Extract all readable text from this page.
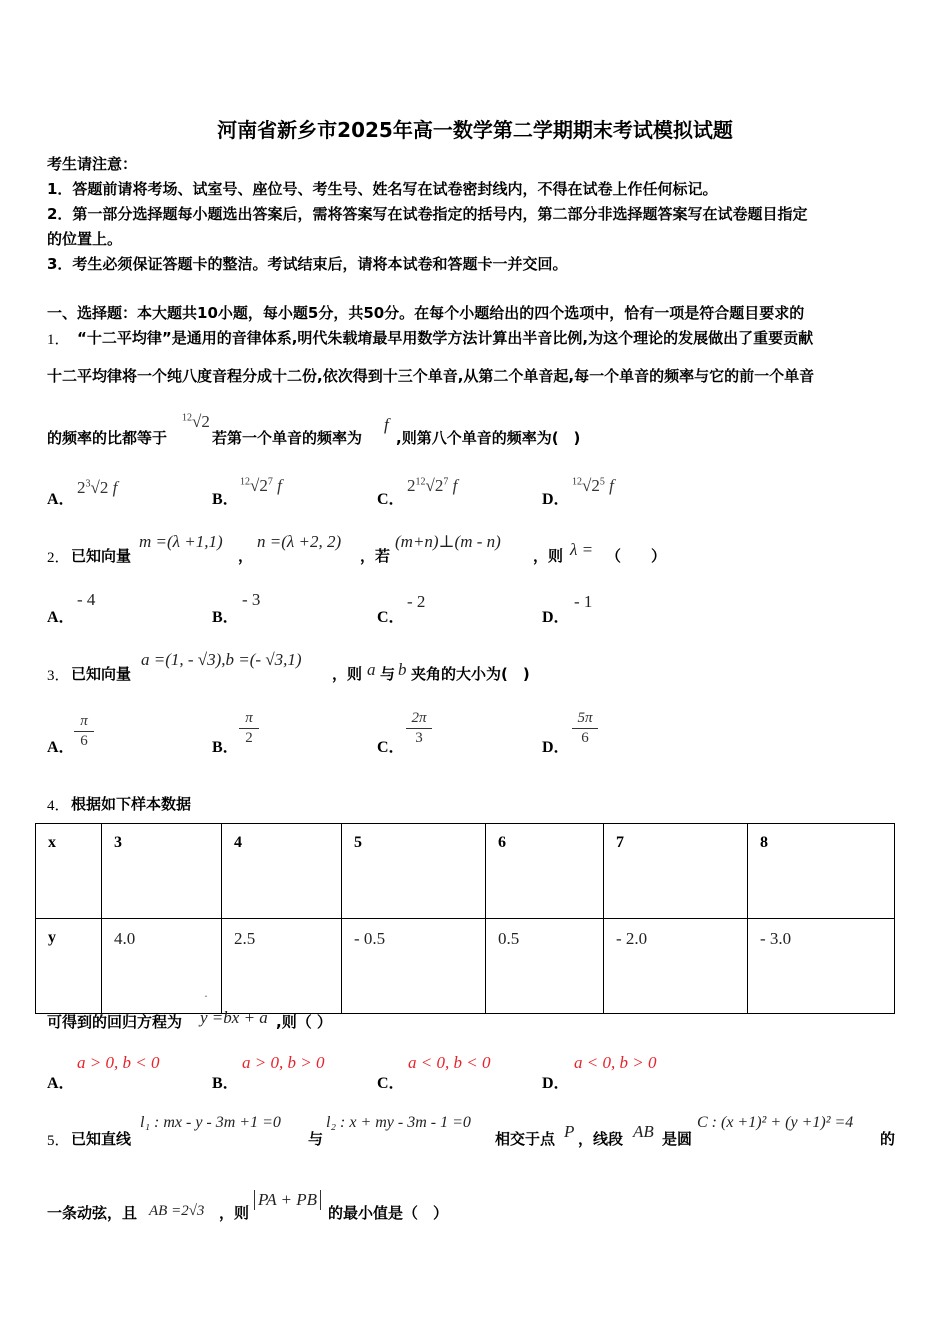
河南省新乡市2025年高一数学第二学期期末考试模拟试题
考生请注意：
1．答题前请将考场、试室号、座位号、考生号、姓名写在试卷密封线内，不得在试卷上作任何标记。
2．第一部分选择题每小题选出答案后，需将答案写在试卷指定的括号内，第二部分非选择题答案写在试卷题目指定
的位置上。
3．考生必须保证答题卡的整洁。考试结束后，请将本试卷和答题卡一并交回。
一、选择题：本大题共10小题，每小题5分，共50分。在每个小题给出的四个选项中，恰有一项是符合题目要求的
1． “十二平均律”是通用的音律体系,明代朱载堉最早用数学方法计算出半音比例,为这个理论的发展做出了重要贡献
十二平均律将一个纯八度音程分成十二份,依次得到十三个单音,从第二个单音起,每一个单音的频率与它的前一个单音
的频率的比都等于
$^{12}$√2
若第一个单音的频率为
f
,则第八个单音的频率为(　)
A．
$2^3√2$ f
B．
$^{12}√2^7$ f
C．
$2^{12}√2^7$ f
D．
$^{12}√2^5$ f
2． 已知向量
m =(λ +1,1)
，
n =(λ +2, 2)
，若
(m+n)⊥(m - n)
，则 λ = （　　）
A．
- 4
B．
- 3
C．
- 2
D．
- 1
3． 已知向量
a =(1, - √3),b =(- √3,1)
，则 a 与 b 夹角的大小为(　)
A．
π
6	B．
π
2
C．
2π
3
D．
5π
6
4． 根据如下样本数据
x	3	4	5	6	7	8
y	4.0	2.5	- 0.5	0.5	- 2.0	- 3.0
可得到的回归方程为
ˆ
y =bx + a ,则（ ）
A．
a > 0, b < 0
B．
a > 0, b > 0
C．
a < 0, b < 0
D．
a < 0, b > 0
5． 已知直线
l₁ : mx - y - 3m +1 =0
与
l₂ : x + my - 3m - 1 =0
相交于点 P ，线段 AB 是圆
C : (x +1)² + (y +1)² =4
的
一条动弦，且 AB =2√3 ，则
PA + PB
的最小值是（　）
